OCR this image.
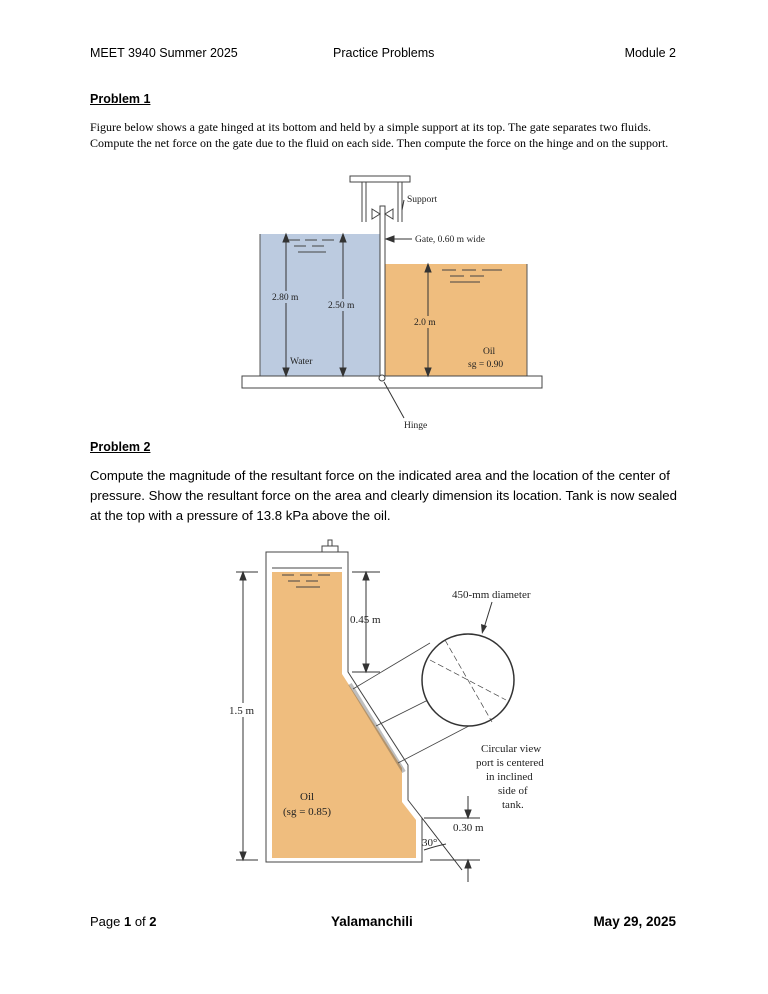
MEET 3940 Summer 2025	Practice Problems	Module 2
Problem 1
Figure below shows a gate hinged at its bottom and held by a simple support at its top. The gate separates two fluids. Compute the net force on the gate due to the fluid on each side. Then compute the force on the hinge and on the support.
2.80 m
2.50 m
2.0 m
Water
Oil
sg = 0.90
Support
Gate, 0.60 m wide
Hinge
Problem 2
Compute the magnitude of the resultant force on the indicated area and the location of the center of pressure. Show the resultant force on the area and clearly dimension its location. Tank is now sealed at the top with a pressure of 13.8 kPa above the oil.
1.5 m
0.45 m
450-mm diameter
0.30 m
30°
Oil
(sg = 0.85)
Circular view
port is centered
in inclined
side of
tank.
Page 1 of 2	Yalamanchili	May 29, 2025
